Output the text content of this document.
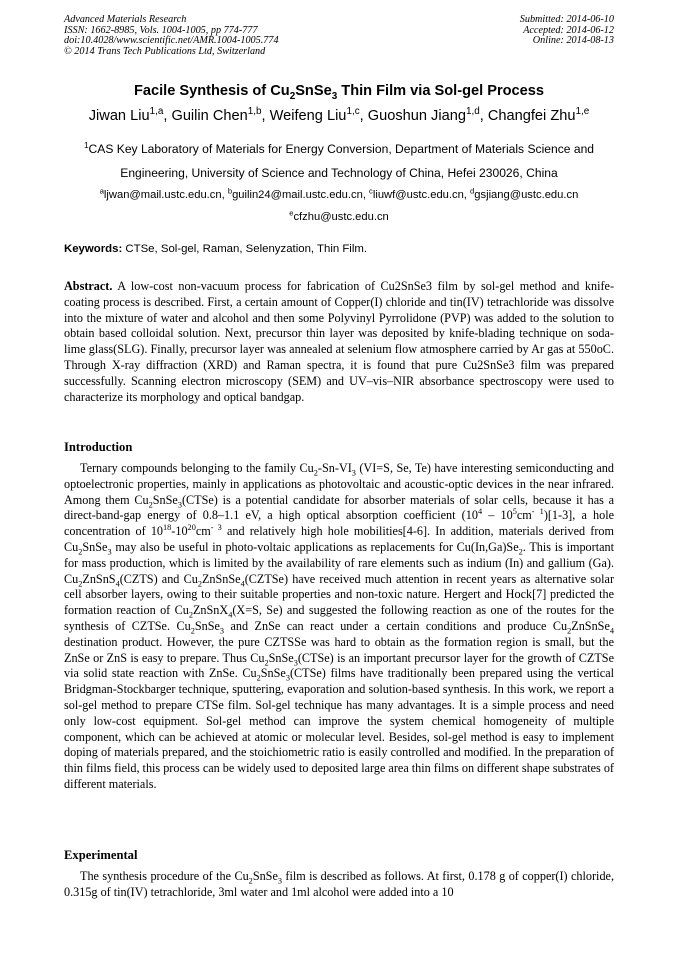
Advanced Materials Research
ISSN: 1662-8985, Vols. 1004-1005, pp 774-777
doi:10.4028/www.scientific.net/AMR.1004-1005.774
© 2014 Trans Tech Publications Ltd, Switzerland
Submitted: 2014-06-10
Accepted: 2014-06-12
Online: 2014-08-13
Facile Synthesis of $Cu_2SnSe_3$ Thin Film via Sol-gel Process
Jiwan Liu$^{1,a}$, Guilin Chen$^{1,b}$, Weifeng Liu$^{1,c}$, Guoshun Jiang$^{1,d}$, Changfei Zhu$^{1,e}$
$^1$CAS Key Laboratory of Materials for Energy Conversion, Department of Materials Science and
Engineering, University of Science and Technology of China, Hefei 230026, China
$^a$ljwan@mail.ustc.edu.cn, $^b$guilin24@mail.ustc.edu.cn, $^c$liuwf@ustc.edu.cn, $^d$gsjiang@ustc.edu.cn
$^e$cfzhu@ustc.edu.cn
Keywords: CTSe, Sol-gel, Raman, Selenyzation, Thin Film.
Abstract. A low-cost non-vacuum process for fabrication of Cu2SnSe3 film by sol-gel method and knife-coating process is described. First, a certain amount of Copper(I) chloride and tin(IV) tetrachloride was dissolve into the mixture of water and alcohol and then some Polyvinyl Pyrrolidone (PVP) was added to the solution to obtain based colloidal solution. Next, precursor thin layer was deposited by knife-blading technique on soda-lime glass(SLG). Finally, precursor layer was annealed at selenium flow atmosphere carried by Ar gas at 550oC. Through X-ray diffraction (XRD) and Raman spectra, it is found that pure Cu2SnSe3 film was prepared successfully. Scanning electron microscopy (SEM) and UV–vis–NIR absorbance spectroscopy were used to characterize its morphology and optical bandgap.
Introduction
Ternary compounds belonging to the family $Cu_2-Sn-VI_3$ (VI=S, Se, Te) have interesting semiconducting and optoelectronic properties, mainly in applications as photovoltaic and acoustic-optic devices in the near infrared. Among them $Cu_2SnSe_3(CTSe)$ is a potential candidate for absorber materials of solar cells, because it has a direct-band-gap energy of 0.8–1.1 eV, a high optical absorption coefficient $(10^4 - 10^5cm^{- 1})[1-3]$, a hole concentration of $10^{18}-10^{20}cm^{- 3}$ and relatively high hole mobilities[4-6]. In addition, materials derived from $Cu_2SnSe_3$ may also be useful in photo-voltaic applications as replacements for $Cu(In,Ga)Se_2$. This is important for mass production, which is limited by the availability of rare elements such as indium (In) and gallium (Ga). $Cu_2ZnSnS_4(CZTS)$ and $Cu_2ZnSnSe_4(CZTSe)$ have received much attention in recent years as alternative solar cell absorber layers, owing to their suitable properties and non-toxic nature. Hergert and Hock[7] predicted the formation reaction of $Cu_2ZnSnX_4(X=S$, Se) and suggested the following reaction as one of the routes for the synthesis of CZTSe. $Cu_2SnSe_3$ and ZnSe can react under a certain conditions and produce $Cu_2ZnSnSe_4$ destination product. However, the pure CZTSSe was hard to obtain as the formation region is small, but the ZnSe or ZnS is easy to prepare. Thus $Cu_2SnSe_3(CTSe)$ is an important precursor layer for the growth of CZTSe via solid state reaction with ZnSe. $Cu_2SnSe_3(CTSe)$ films have traditionally been prepared using the vertical Bridgman-Stockbarger technique, sputtering, evaporation and solution-based synthesis. In this work, we report a sol-gel method to prepare CTSe film. Sol-gel technique has many advantages. It is a simple process and need only low-cost equipment. Sol-gel method can improve the system chemical homogeneity of multiple component, which can be achieved at atomic or molecular level. Besides, sol-gel method is easy to implement doping of materials prepared, and the stoichiometric ratio is easily controlled and modified. In the preparation of thin films field, this process can be widely used to deposited large area thin films on different shape substrates of different materials.
Experimental
The synthesis procedure of the $Cu_2SnSe_3$ film is described as follows. At first, 0.178 g of copper(I) chloride, 0.315g of tin(IV) tetrachloride, 3ml water and 1ml alcohol were added into a 10
